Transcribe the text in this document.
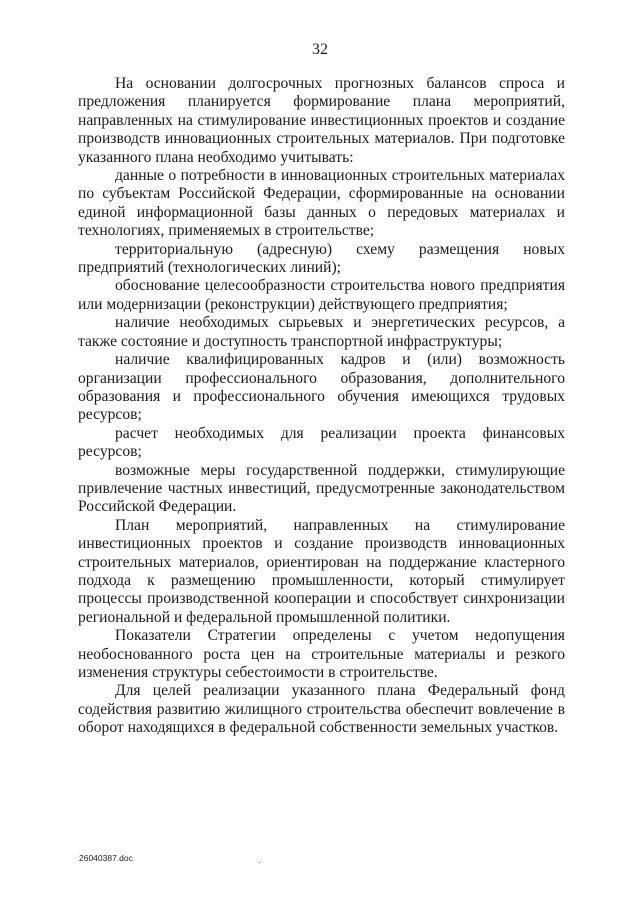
32

На основании долгосрочных прогнозных балансов спроса и предложения планируется формирование плана мероприятий, направленных на стимулирование инвестиционных проектов и создание производств инновационных строительных материалов. При подготовке указанного плана необходимо учитывать:

данные о потребности в инновационных строительных материалах по субъектам Российской Федерации, сформированные на основании единой информационной базы данных о передовых материалах и технологиях, применяемых в строительстве;

территориальную (адресную) схему размещения новых предприятий (технологических линий);

обоснование целесообразности строительства нового предприятия или модернизации (реконструкции) действующего предприятия;

наличие необходимых сырьевых и энергетических ресурсов, а также состояние и доступность транспортной инфраструктуры;

наличие квалифицированных кадров и (или) возможность организации профессионального образования, дополнительного образования и профессионального обучения имеющихся трудовых ресурсов;

расчет необходимых для реализации проекта финансовых ресурсов;

возможные меры государственной поддержки, стимулирующие привлечение частных инвестиций, предусмотренные законодательством Российской Федерации.

План мероприятий, направленных на стимулирование инвестиционных проектов и создание производств инновационных строительных материалов, ориентирован на поддержание кластерного подхода к размещению промышленности, который стимулирует процессы производственной кооперации и способствует синхронизации региональной и федеральной промышленной политики.

Показатели Стратегии определены с учетом недопущения необоснованного роста цен на строительные материалы и резкого изменения структуры себестоимости в строительстве.

Для целей реализации указанного плана Федеральный фонд содействия развитию жилищного строительства обеспечит вовлечение в оборот находящихся в федеральной собственности земельных участков.

26040387.doc
